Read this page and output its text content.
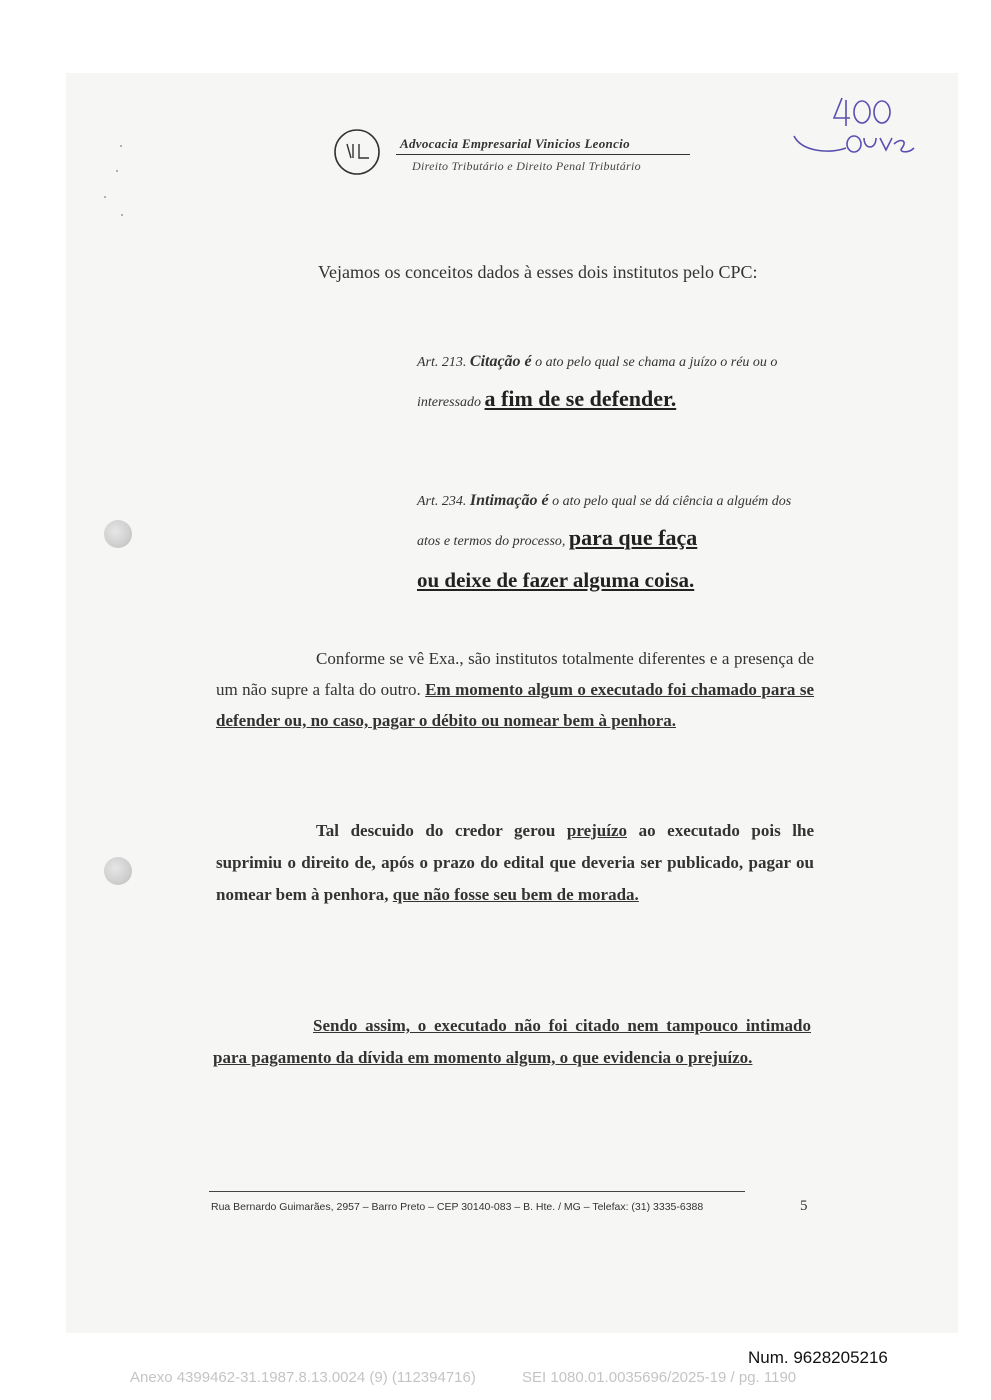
Advocacia Empresarial Vinicios Leoncio
Direito Tributário e Direito Penal Tributário
Vejamos os conceitos dados à esses dois institutos pelo CPC:
Art. 213. Citação é o ato pelo qual se chama a juízo o réu ou o interessado a fim de se defender.
Art. 234. Intimação é o ato pelo qual se dá ciência a alguém dos atos e termos do processo, para que faça
ou deixe de fazer alguma coisa.
Conforme se vê Exa., são institutos totalmente diferentes e a presença de um não supre a falta do outro. Em momento algum o executado foi chamado para se defender ou, no caso, pagar o débito ou nomear bem à penhora.
Tal descuido do credor gerou prejuízo ao executado pois lhe suprimiu o direito de, após o prazo do edital que deveria ser publicado, pagar ou nomear bem à penhora, que não fosse seu bem de morada.
Sendo assim, o executado não foi citado nem tampouco intimado para pagamento da dívida em momento algum, o que evidencia o prejuízo.
Rua Bernardo Guimarães, 2957 – Barro Preto – CEP 30140-083 – B. Hte. / MG – Telefax: (31) 3335-6388	5
Num. 9628205216
Anexo 4399462-31.1987.8.13.0024 (9) (112394716)	SEI 1080.01.0035696/2025-19 / pg. 1190
